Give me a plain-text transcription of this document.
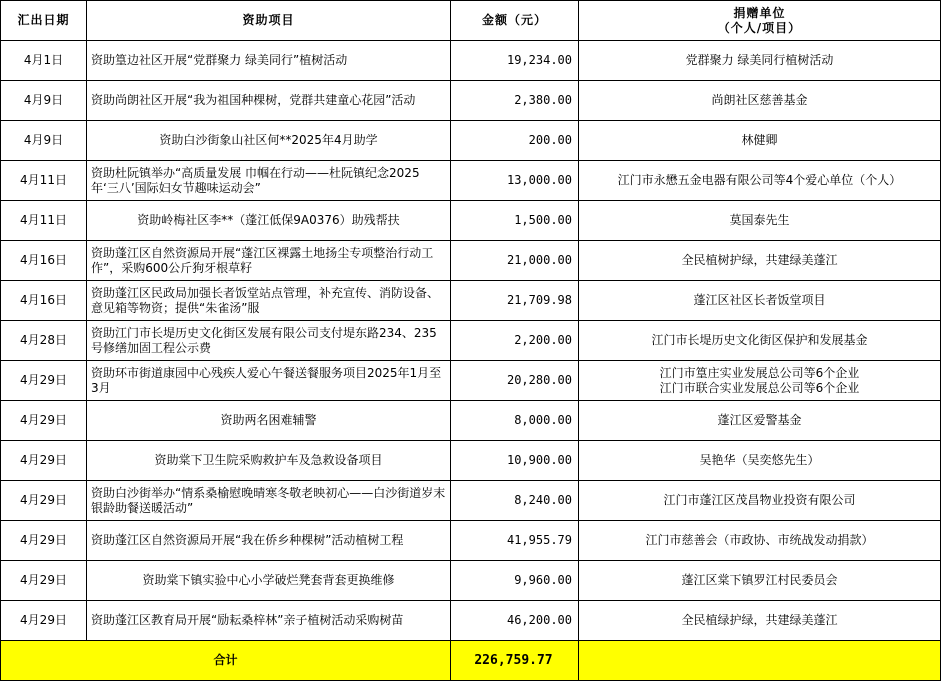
汇出日期	资助项目	金额（元）	捐赠单位
（个人/项目）

4月1日	资助篁边社区开展“党群聚力 绿美同行”植树活动	19,234.00	党群聚力 绿美同行植树活动
4月9日	资助尚朗社区开展“我为祖国种棵树，党群共建童心花园”活动	2,380.00	尚朗社区慈善基金
4月9日	资助白沙街象山社区何**2025年4月助学	200.00	林健卿
4月11日	资助杜阮镇举办“高质量发展 巾帼在行动——杜阮镇纪念2025年‘三八’国际妇女节趣味运动会”	13,000.00	江门市永懋五金电器有限公司等4个爱心单位（个人）
4月11日	资助岭梅社区李**（蓬江低保9A0376）助残帮扶	1,500.00	莫国泰先生
4月16日	资助蓬江区自然资源局开展“蓬江区裸露土地扬尘专项整治行动工作”，采购600公斤狗牙根草籽	21,000.00	全民植树护绿，共建绿美蓬江
4月16日	资助蓬江区民政局加强长者饭堂站点管理，补充宣传、消防设备、意见箱等物资；提供“朱雀汤”服	21,709.98	蓬江区社区长者饭堂项目
4月28日	资助江门市长堤历史文化街区发展有限公司支付堤东路234、235号修缮加固工程公示费	2,200.00	江门市长堤历史文化街区保护和发展基金
4月29日	资助环市街道康园中心残疾人爱心午餐送餐服务项目2025年1月至3月	20,280.00	江门市篁庄实业发展总公司等6个企业
江门市联合实业发展总公司等6个企业

4月29日	资助两名困难辅警	8,000.00	蓬江区爱警基金
4月29日	资助棠下卫生院采购救护车及急救设备项目	10,900.00	吴艳华（吴奕悠先生）
4月29日	资助白沙街举办“情系桑榆慰晚晴寒冬敬老映初心——白沙街道岁末银龄助餐送暖活动”	8,240.00	江门市蓬江区茂昌物业投资有限公司
4月29日	资助蓬江区自然资源局开展“我在侨乡种棵树”活动植树工程	41,955.79	江门市慈善会（市政协、市统战发动捐款）
4月29日	资助棠下镇实验中心小学破烂凳套背套更换维修	9,960.00	蓬江区棠下镇罗江村民委员会
4月29日	资助蓬江区教育局开展“励耘桑梓林”亲子植树活动采购树苗	46,200.00	全民植绿护绿，共建绿美蓬江
合计		226,759.77	
